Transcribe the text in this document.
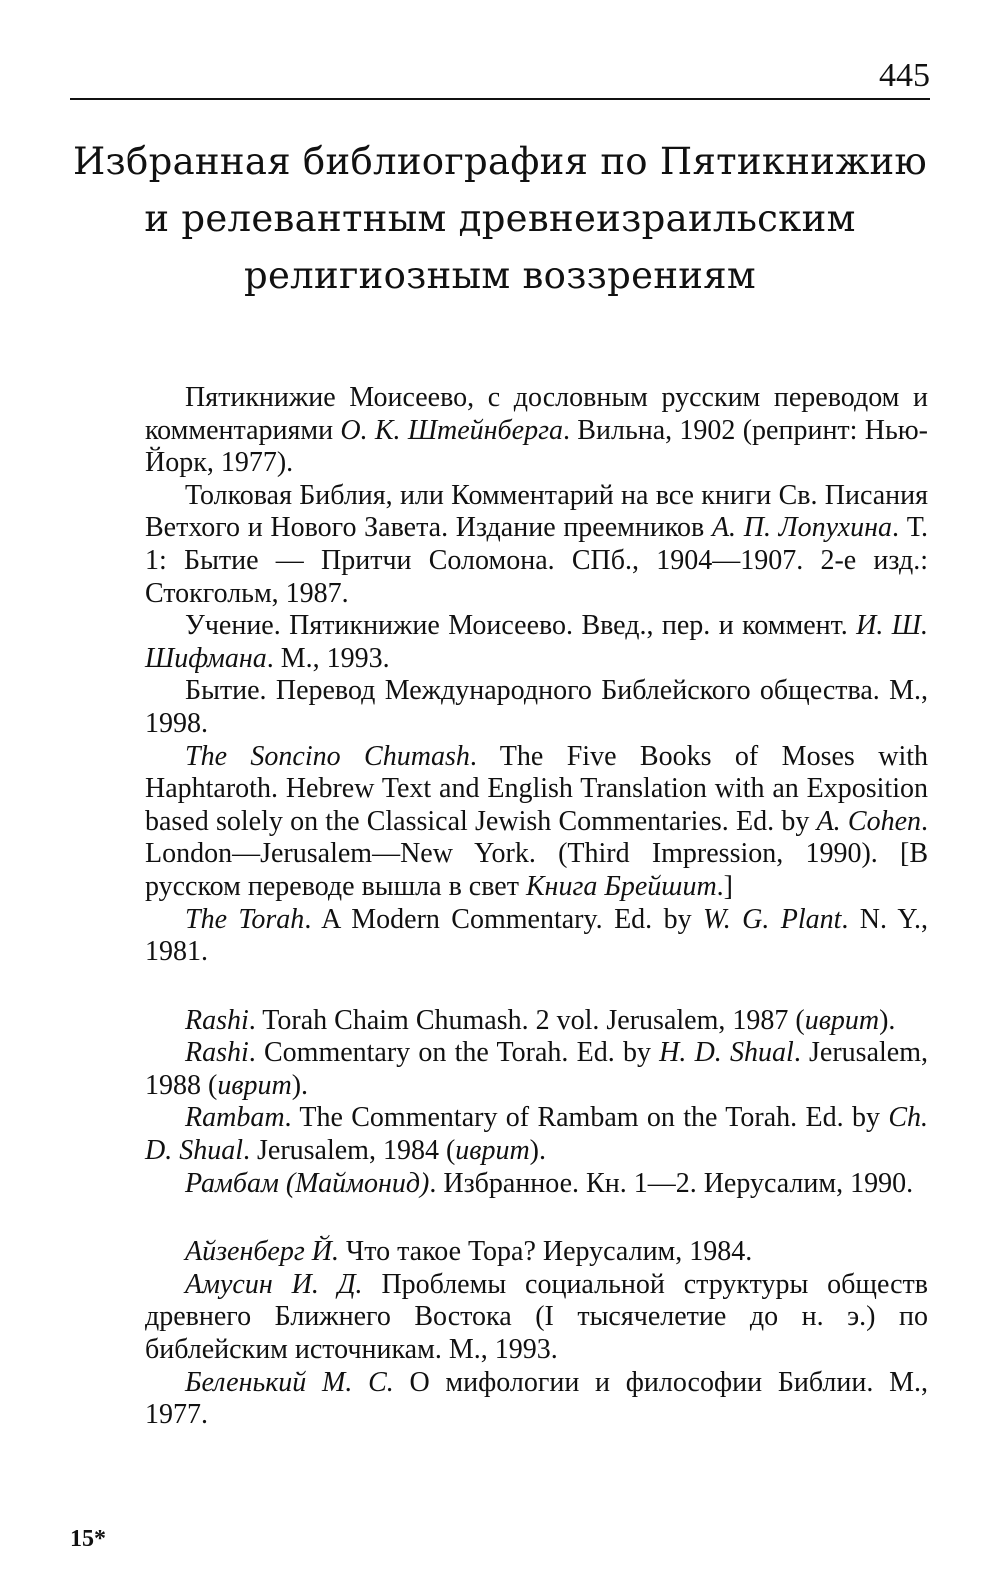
445
Избранная библиография по Пятикнижию
и релевантным древнеизраильским
религиозным воззрениям

Пятикнижие Моисеево, с дословным русским переводом и комментариями О. К. Штейнберга. Вильна, 1902 (репринт: Нью-Йорк, 1977).

Толковая Библия, или Комментарий на все книги Св. Писания Ветхого и Нового Завета. Издание преемников А. П. Лопухина. Т. 1: Бытие — Притчи Соломона. СПб., 1904—1907. 2-е изд.: Стокгольм, 1987.

Учение. Пятикнижие Моисеево. Введ., пер. и коммент. И. Ш. Шифмана. М., 1993.

Бытие. Перевод Международного Библейского общества. М., 1998.

The Soncino Chumash. The Five Books of Moses with Haphtaroth. Hebrew Text and English Translation with an Exposition based solely on the Classical Jewish Commentaries. Ed. by A. Cohen. London—Jerusalem—New York. (Third Impression, 1990). [В русском переводе вышла в свет Книга Брейшит.]

The Torah. A Modern Commentary. Ed. by W. G. Plant. N. Y., 1981.

Rashi. Torah Chaim Chumash. 2 vol. Jerusalem, 1987 (иврит).

Rashi. Commentary on the Torah. Ed. by H. D. Shual. Jerusalem, 1988 (иврит).

Rambam. The Commentary of Rambam on the Torah. Ed. by Ch. D. Shual. Jerusalem, 1984 (иврит).

Рамбам (Маймонид). Избранное. Кн. 1—2. Иерусалим, 1990.

Айзенберг Й. Что такое Тора? Иерусалим, 1984.

Амусин И. Д. Проблемы социальной структуры обществ древнего Ближнего Востока (I тысячелетие до н. э.) по библейским источникам. М., 1993.

Беленький М. С. О мифологии и философии Библии. М., 1977.

15*
